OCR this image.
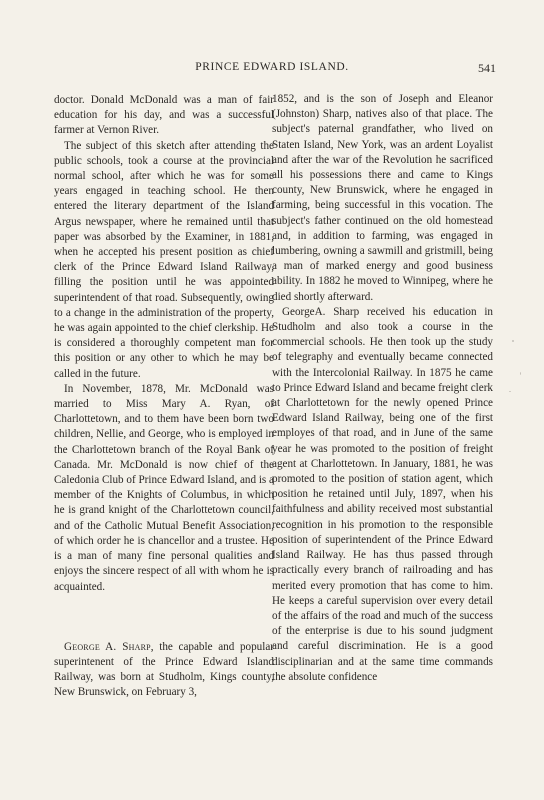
PRINCE EDWARD ISLAND.	541

doctor. Donald McDonald was a man of fair education for his day, and was a successful farmer at Vernon River.

The subject of this sketch after attending the public schools, took a course at the provincial normal school, after which he was for some years engaged in teaching school. He then entered the literary department of the Island Argus newspaper, where he remained until that paper was absorbed by the Examiner, in 1881, when he accepted his present position as chief clerk of the Prince Edward Island Railway, filling the position until he was appointed superintendent of that road. Subsequently, owing to a change in the administration of the property, he was again appointed to the chief clerkship. He is considered a thoroughly competent man for this position or any other to which he may be called in the future.

In November, 1878, Mr. McDonald was married to Miss Mary A. Ryan, of Charlottetown, and to them have been born two children, Nellie, and George, who is employed in the Charlottetown branch of the Royal Bank of Canada. Mr. McDonald is now chief of the Caledonia Club of Prince Edward Island, and is a member of the Knights of Columbus, in which he is grand knight of the Charlottetown council, and of the Catholic Mutual Benefit Association, of which order he is chancellor and a trustee. He is a man of many fine personal qualities and enjoys the sincere respect of all with whom he is acquainted.

George A. Sharp, the capable and popular superintenent of the Prince Edward Island Railway, was born at Studholm, Kings county, New Brunswick, on February 3,

1852, and is the son of Joseph and Eleanor (Johnston) Sharp, natives also of that place. The subject's paternal grandfather, who lived on Staten Island, New York, was an ardent Loyalist and after the war of the Revolution he sacrificed all his possessions there and came to Kings county, New Brunswick, where he engaged in farming, being successful in this vocation. The subject's father continued on the old homestead and, in addition to farming, was engaged in lumbering, owning a sawmill and gristmill, being a man of marked energy and good business ability. In 1882 he moved to Winnipeg, where he died shortly afterward.

GeorgeA. Sharp received his education in Studholm and also took a course in the commercial schools. He then took up the study of telegraphy and eventually became connected with the Intercolonial Railway. In 1875 he came to Prince Edward Island and became freight clerk at Charlottetown for the newly opened Prince Edward Island Railway, being one of the first employes of that road, and in June of the same year he was promoted to the position of freight agent at Charlottetown. In January, 1881, he was promoted to the position of station agent, which position he retained until July, 1897, when his faithfulness and ability received most substantial recognition in his promotion to the responsible position of superintendent of the Prince Edward Island Railway. He has thus passed through practically every branch of railroading and has merited every promotion that has come to him. He keeps a careful supervision over every detail of the affairs of the road and much of the success of the enterprise is due to his sound judgment and careful discrimination. He is a good disciplinarian and at the same time commands the absolute confidence
